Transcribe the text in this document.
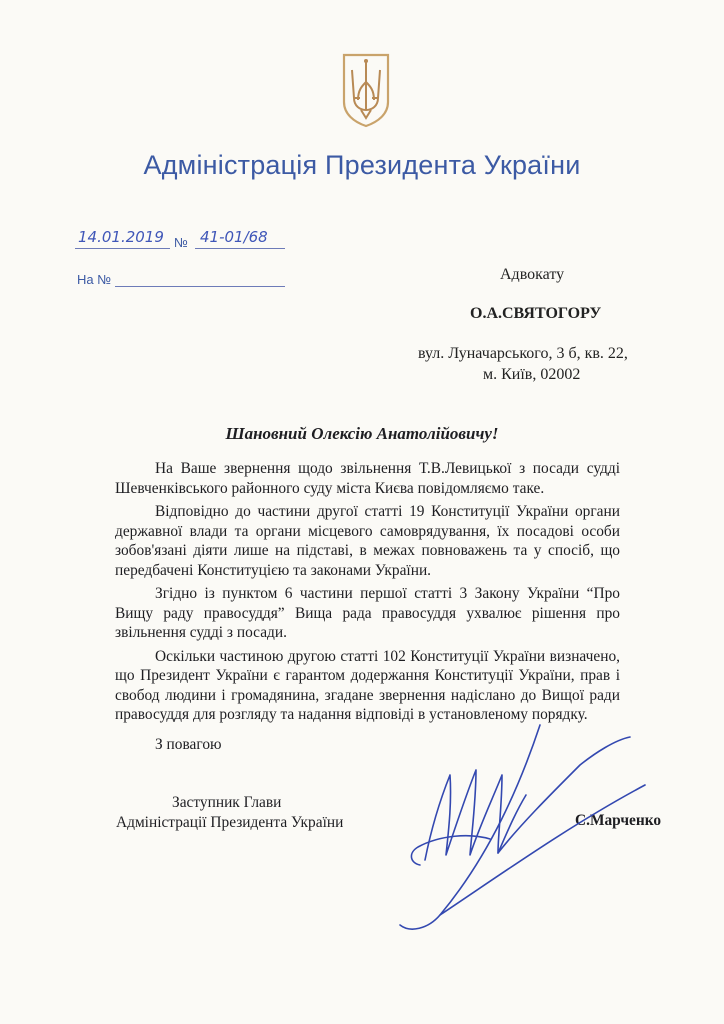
Адміністрація Президента України
14.01.2019 № 41-01/68
На №	Адвокату
О.А.СВЯТОГОРУ
вул. Луначарського, 3 б, кв. 22,
м. Київ, 02002
Шановний Олексію Анатолійовичу!

На Ваше звернення щодо звільнення Т.В.Левицької з посади судді Шевченківського районного суду міста Києва повідомляємо таке.

Відповідно до частини другої статті 19 Конституції України органи державної влади та органи місцевого самоврядування, їх посадові особи зобов'язані діяти лише на підставі, в межах повноважень та у спосіб, що передбачені Конституцією та законами України.

Згідно із пунктом 6 частини першої статті 3 Закону України “Про Вищу раду правосуддя” Вища рада правосуддя ухвалює рішення про звільнення судді з посади.

Оскільки частиною другою статті 102 Конституції України визначено, що Президент України є гарантом додержання Конституції України, прав і свобод людини і громадянина, згадане звернення надіслано до Вищої ради правосуддя для розгляду та надання відповіді в установленому порядку.

З повагою
Заступник Глави
Адміністрації Президента України	С.Марченко
